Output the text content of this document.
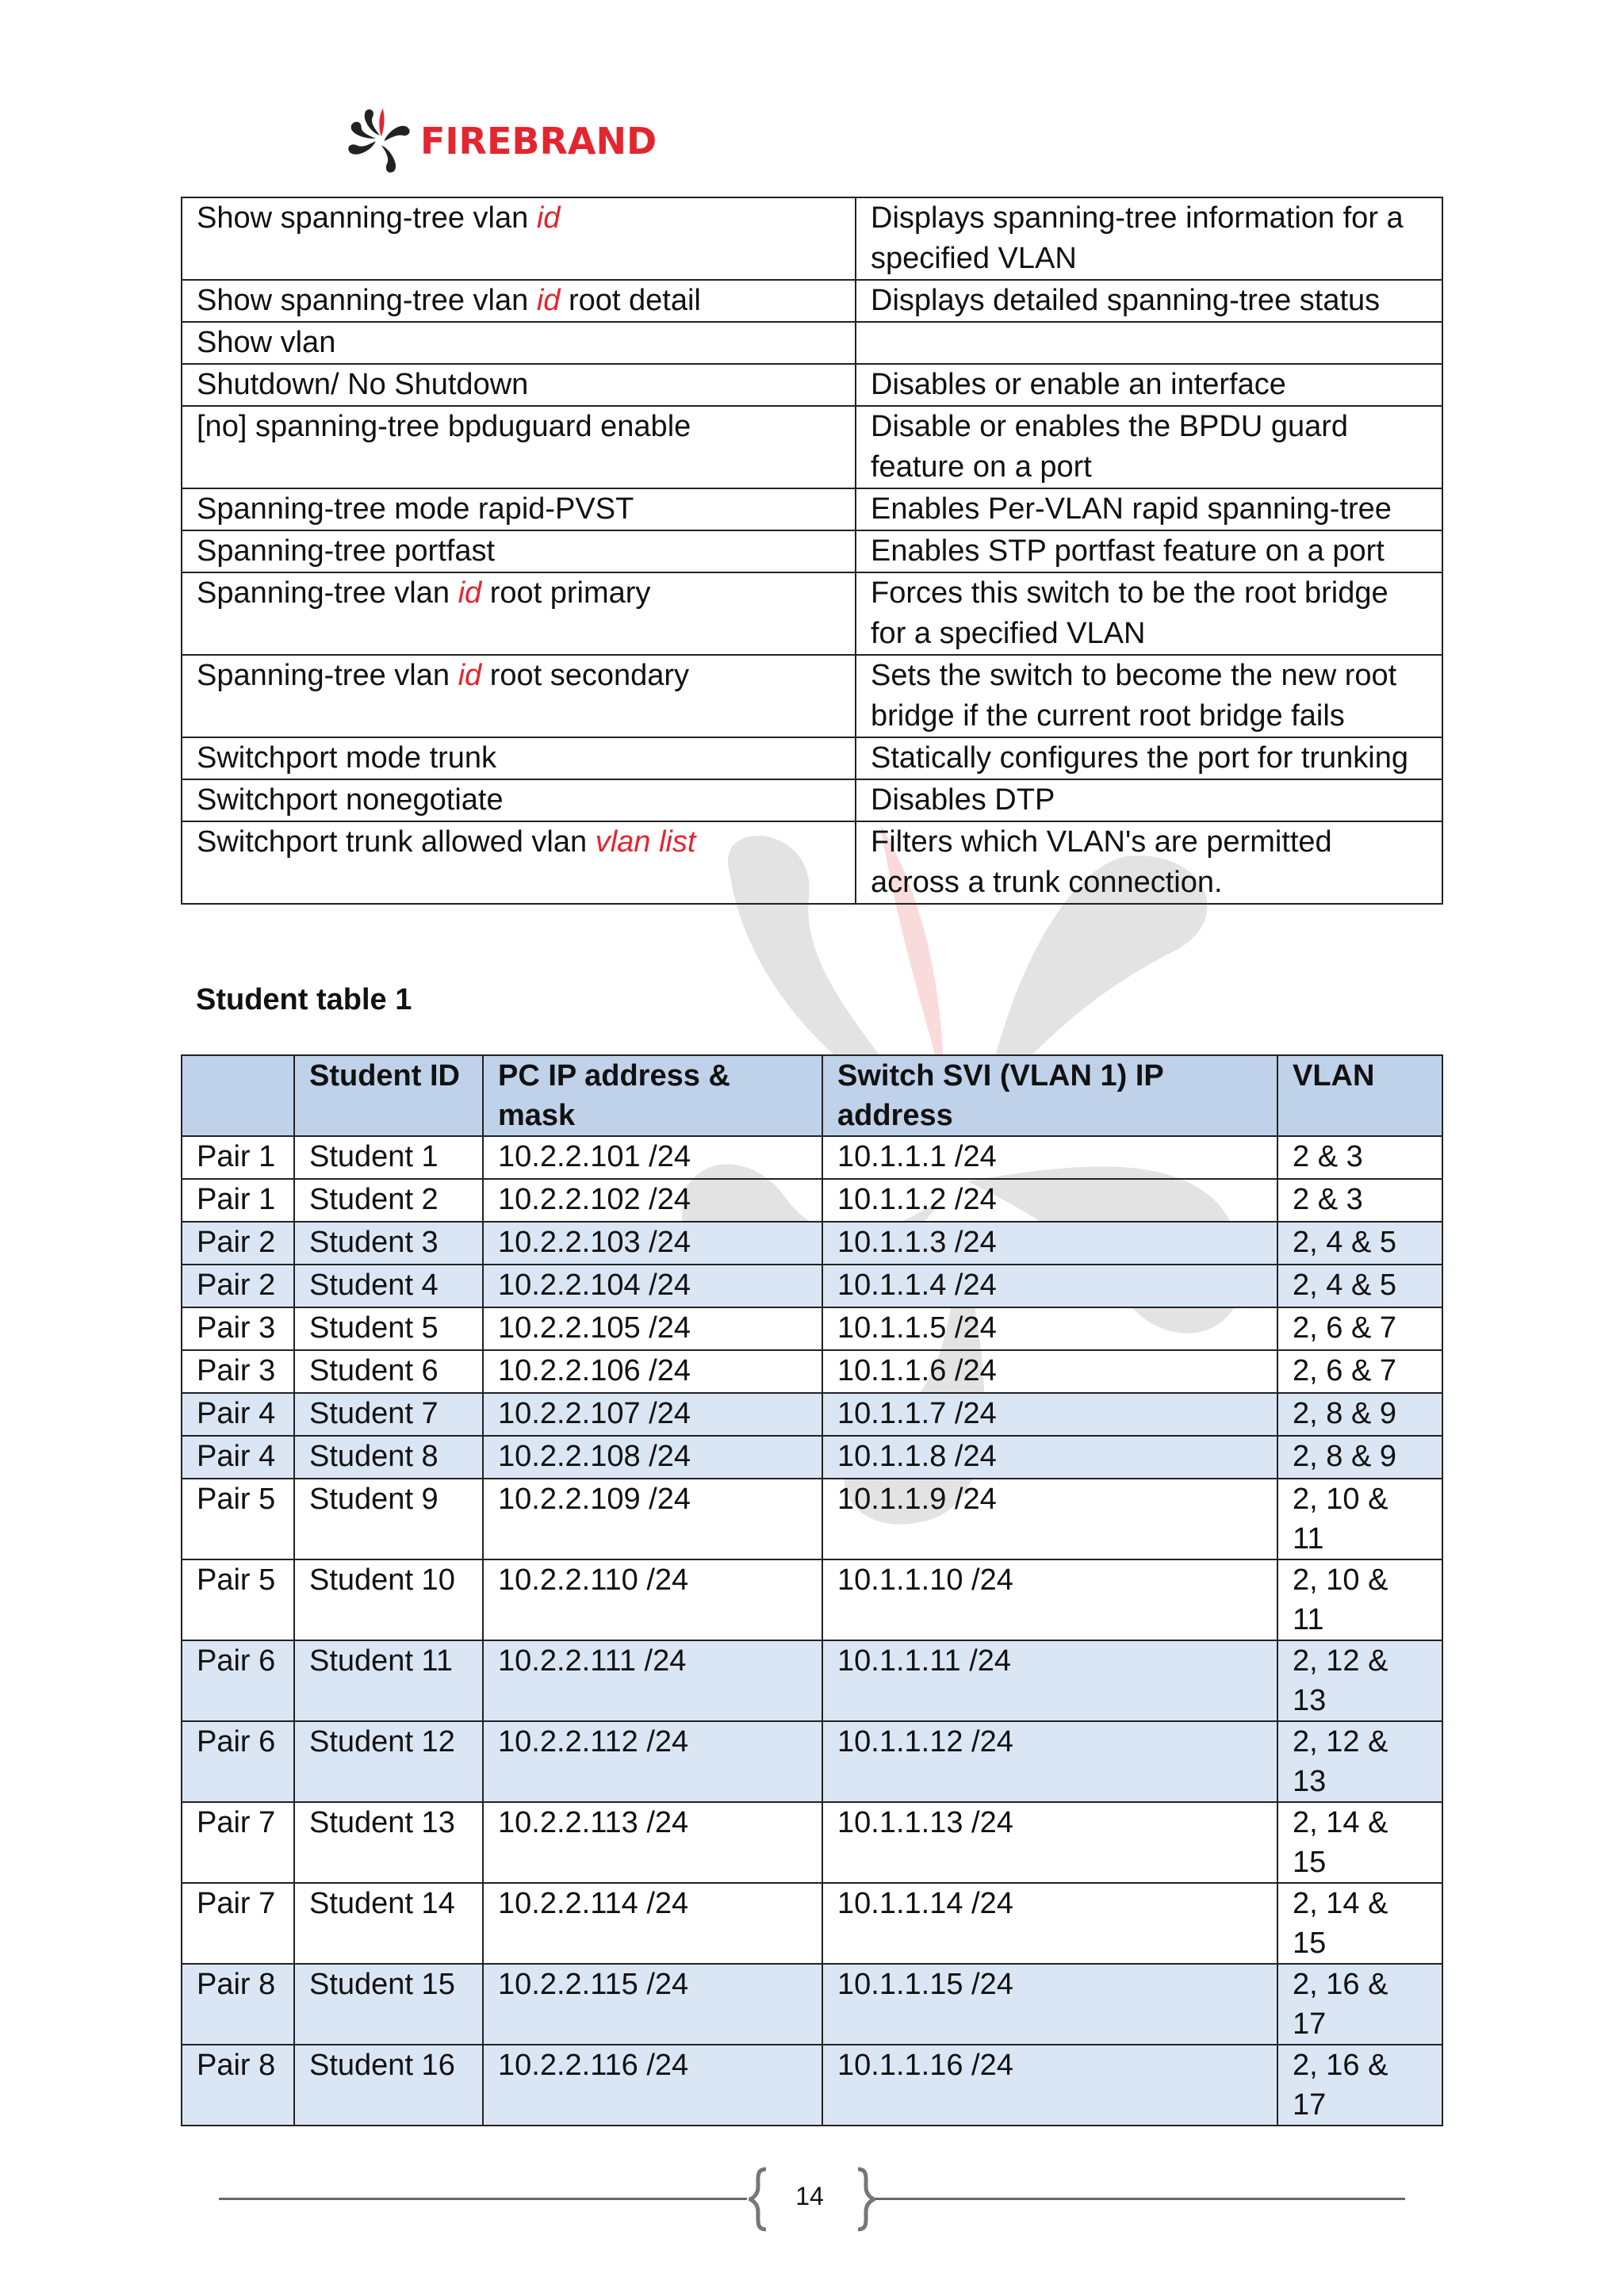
FIREBRAND
Show spanning-tree vlan id	Displays spanning-tree information for a specified VLAN
Show spanning-tree vlan id root detail	Displays detailed spanning-tree status
Show vlan	
Shutdown/ No Shutdown	Disables or enable an interface
[no] spanning-tree bpduguard enable	Disable or enables the BPDU guard feature on a port
Spanning-tree mode rapid-PVST	Enables Per-VLAN rapid spanning-tree
Spanning-tree portfast	Enables STP portfast feature on a port
Spanning-tree vlan id root primary	Forces this switch to be the root bridge for a specified VLAN
Spanning-tree vlan id root secondary	Sets the switch to become the new root bridge if the current root bridge fails
Switchport mode trunk	Statically configures the port for trunking
Switchport nonegotiate	Disables DTP
Switchport trunk allowed vlan vlan list	Filters which VLAN's are permitted across a trunk connection.
Student table 1
	Student ID	PC IP address & mask	Switch SVI (VLAN 1) IP address	VLAN
Pair 1	Student 1	10.2.2.101 /24	10.1.1.1 /24	2 & 3
Pair 1	Student 2	10.2.2.102 /24	10.1.1.2 /24	2 & 3
Pair 2	Student 3	10.2.2.103 /24	10.1.1.3 /24	2, 4 & 5
Pair 2	Student 4	10.2.2.104 /24	10.1.1.4 /24	2, 4 & 5
Pair 3	Student 5	10.2.2.105 /24	10.1.1.5 /24	2, 6 & 7
Pair 3	Student 6	10.2.2.106 /24	10.1.1.6 /24	2, 6 & 7
Pair 4	Student 7	10.2.2.107 /24	10.1.1.7 /24	2, 8 & 9
Pair 4	Student 8	10.2.2.108 /24	10.1.1.8 /24	2, 8 & 9
Pair 5	Student 9	10.2.2.109 /24	10.1.1.9 /24	2, 10 & 11
Pair 5	Student 10	10.2.2.110 /24	10.1.1.10 /24	2, 10 & 11
Pair 6	Student 11	10.2.2.111 /24	10.1.1.11 /24	2, 12 & 13
Pair 6	Student 12	10.2.2.112 /24	10.1.1.12 /24	2, 12 & 13
Pair 7	Student 13	10.2.2.113 /24	10.1.1.13 /24	2, 14 & 15
Pair 7	Student 14	10.2.2.114 /24	10.1.1.14 /24	2, 14 & 15
Pair 8	Student 15	10.2.2.115 /24	10.1.1.15 /24	2, 16 & 17
Pair 8	Student 16	10.2.2.116 /24	10.1.1.16 /24	2, 16 & 17
14
